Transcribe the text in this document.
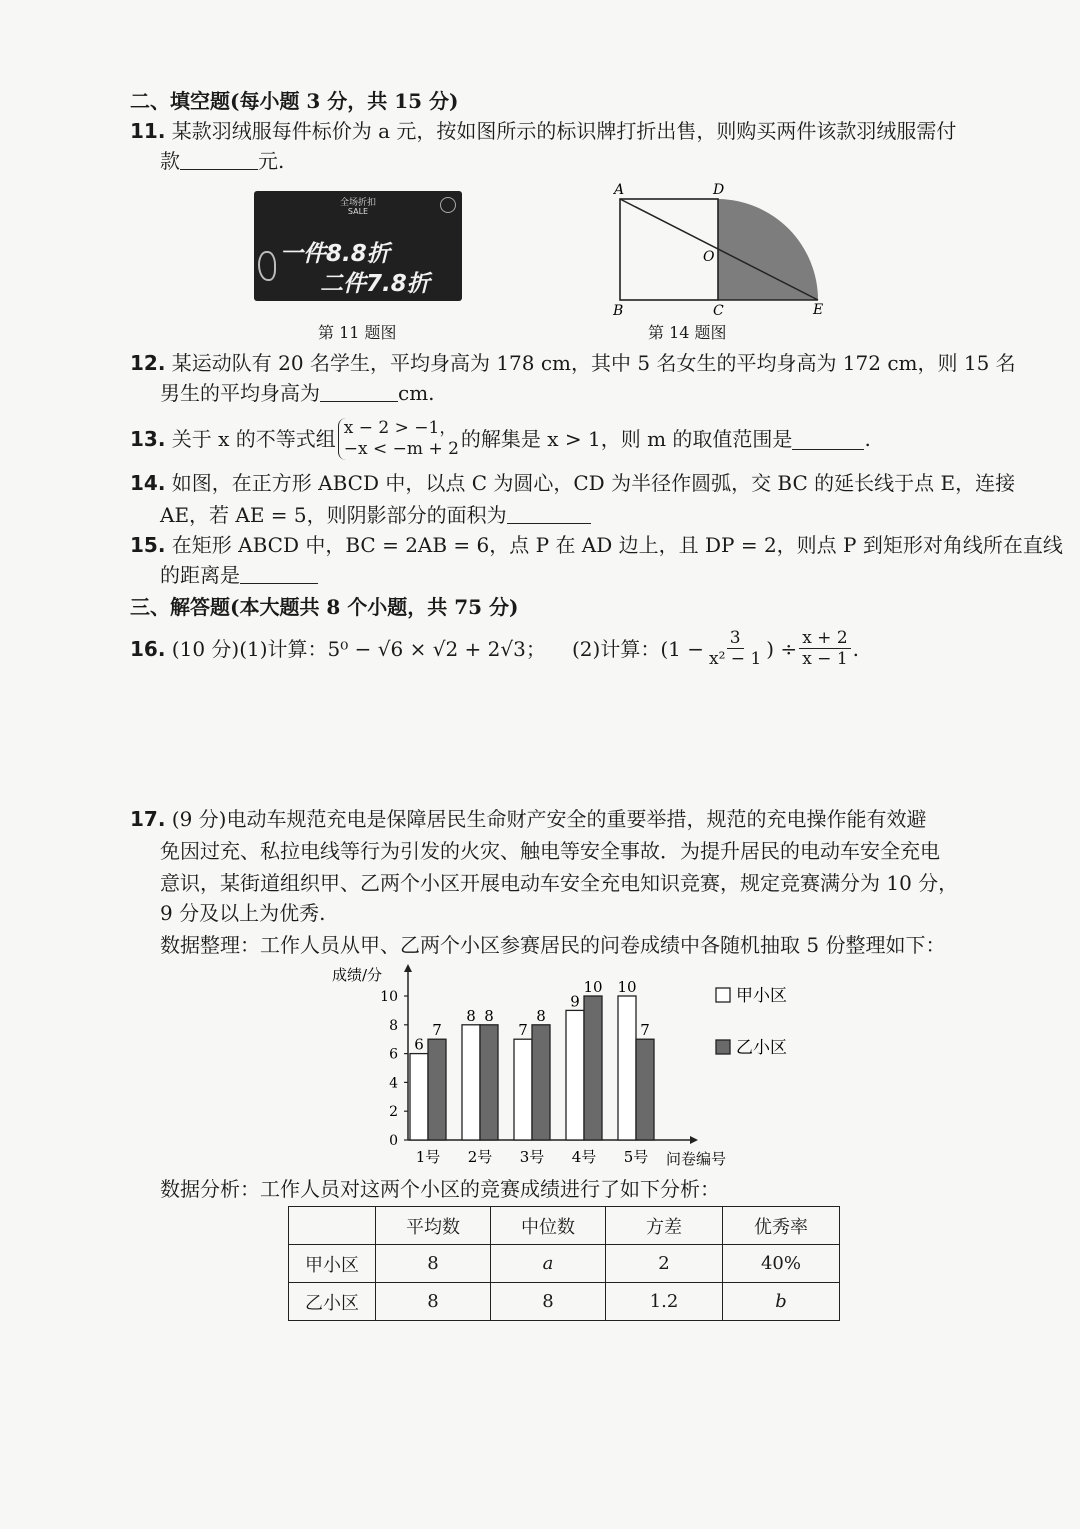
二、填空题(每小题 3 分，共 15 分)
11. 某款羽绒服每件标价为 a 元，按如图所示的标识牌打折出售，则购买两件该款羽绒服需付
款	元.
全场折扣
SALE
一件8.8折
二件7.8折
第 11 题图
A	D
O
B	C	E
第 14 题图
12. 某运动队有 20 名学生，平均身高为 178 cm，其中 5 名女生的平均身高为 172 cm，则 15 名
男生的平均身高为	cm.
13.
关于 x 的不等式组 x − 2 > −1，
−x < −m + 2 的解集是 x > 1，则 m 的取值范围是	.
14. 如图，在正方形 ABCD 中，以点 C 为圆心，CD 为半径作圆弧，交 BC 的延长线于点 E，连接
AE，若 AE = 5，则阴影部分的面积为
15. 在矩形 ABCD 中，BC = 2AB = 6，点 P 在 AD 边上，且 DP = 2，则点 P 到矩形对角线所在直线
的距离是
三、解答题(本大题共 8 个小题，共 75 分)
16. (10 分)(1)计算：5⁰ − √6 × √2 + 2√3； (2)计算：($1 - \frac{3}{\text{x² − 1}}$ ) ÷ $\frac{x + 2}{x - 1}$ .
17. (9 分)电动车规范充电是保障居民生命财产安全的重要举措，规范的充电操作能有效避
免因过充、私拉电线等行为引发的火灾、触电等安全事故．为提升居民的电动车安全充电
意识，某街道组织甲、乙两个小区开展电动车安全充电知识竞赛，规定竞赛满分为 10 分，
9 分及以上为优秀.
数据整理：工作人员从甲、乙两个小区参赛居民的问卷成绩中各随机抽取 5 份整理如下：
成绩/分
问卷编号
0
2
4
6
8
10
6
7
1号
8 8
2号
7
8
3号
9
10
4号
10
7
5号
甲小区
乙小区
数据分析：工作人员对这两个小区的竞赛成绩进行了如下分析：
	平均数	中位数	方差	优秀率
甲小区	8	a	2	40%
乙小区	8	8	1.2	b
